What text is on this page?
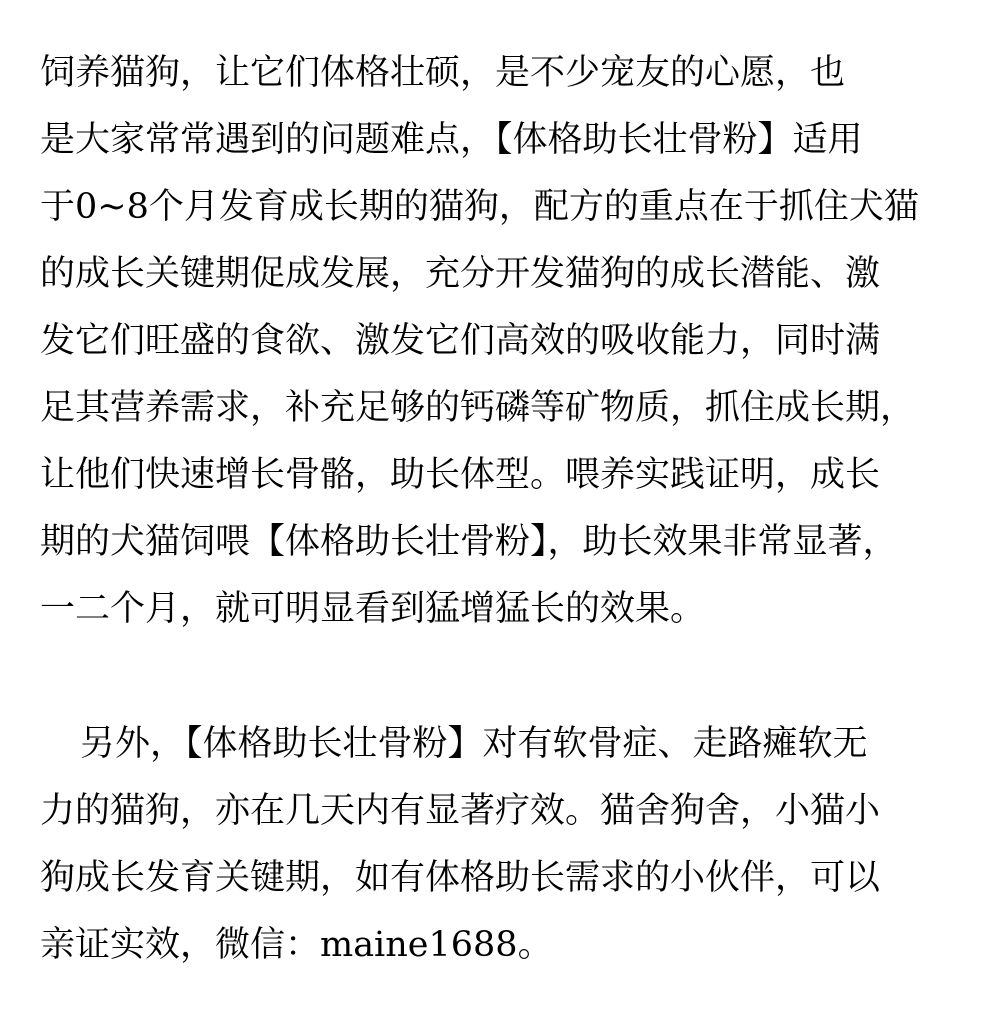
饲养猫狗，让它们体格壮硕，是不少宠友的心愿，也
是大家常常遇到的问题难点，【体格助长壮骨粉】适用
于0~8个月发育成长期的猫狗，配方的重点在于抓住犬猫
的成长关键期促成发展，充分开发猫狗的成长潜能、激
发它们旺盛的食欲、激发它们高效的吸收能力，同时满
足其营养需求，补充足够的钙磷等矿物质，抓住成长期，
让他们快速增长骨骼，助长体型。喂养实践证明，成长
期的犬猫饲喂【体格助长壮骨粉】，助长效果非常显著，
一二个月，就可明显看到猛增猛长的效果。
另外，【体格助长壮骨粉】对有软骨症、走路瘫软无
力的猫狗，亦在几天内有显著疗效。猫舍狗舍，小猫小
狗成长发育关键期，如有体格助长需求的小伙伴，可以
亲证实效，微信：maine1688。
